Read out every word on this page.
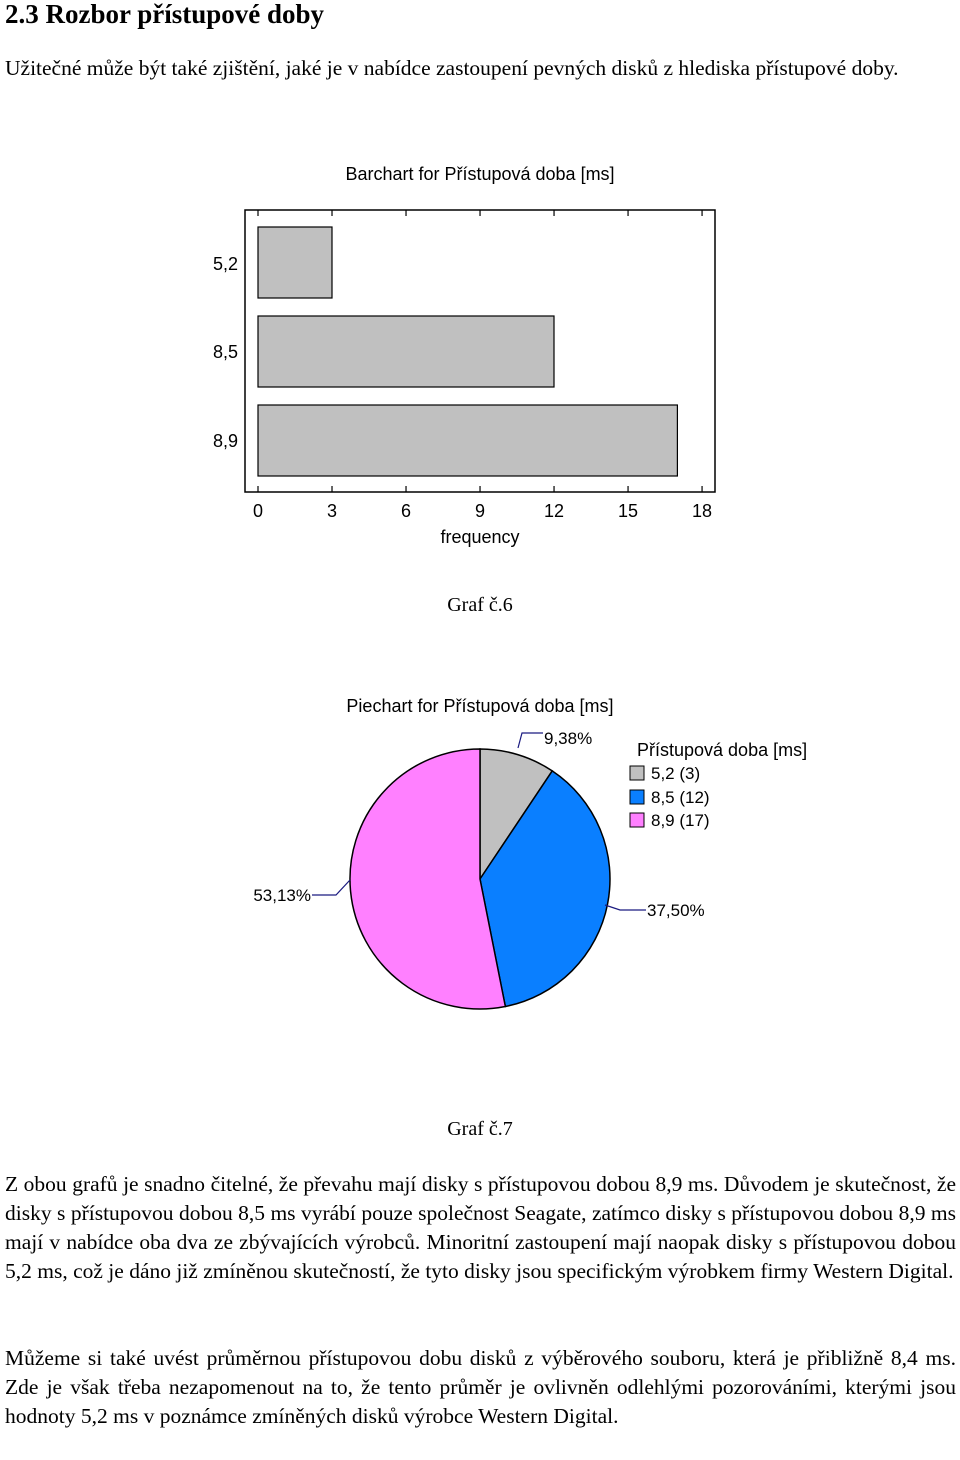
2.3 Rozbor přístupové doby

Užitečné může být také zjištění, jaké je v nabídce zastoupení pevných disků z hlediska přístupové doby.

Barchart for Přístupová doba [ms]
5,2
8,5
8,9
0	3	6	9	12	15	18
frequency
Piechart for Přístupová doba [ms]
9,38%
37,50%
53,13%
Přístupová doba [ms]
5,2 (3)
8,5 (12)
8,9 (17)
Graf č.6
Graf č.7

Z obou grafů je snadno čitelné, že převahu mají disky s přístupovou dobou 8,9 ms. Důvodem je skutečnost, že disky s přístupovou dobou 8,5 ms vyrábí pouze společnost Seagate, zatímco disky s přístupovou dobou 8,9 ms mají v nabídce oba dva ze zbývajících výrobců. Minoritní zastoupení mají naopak disky s přístupovou dobou 5,2 ms, což je dáno již zmíněnou skutečností, že tyto disky jsou specifickým výrobkem firmy Western Digital.

Můžeme si také uvést průměrnou přístupovou dobu disků z výběrového souboru, která je přibližně 8,4 ms. Zde je však třeba nezapomenout na to, že tento průměr je ovlivněn odlehlými pozorováními, kterými jsou hodnoty 5,2 ms v poznámce zmíněných disků výrobce Western Digital.
